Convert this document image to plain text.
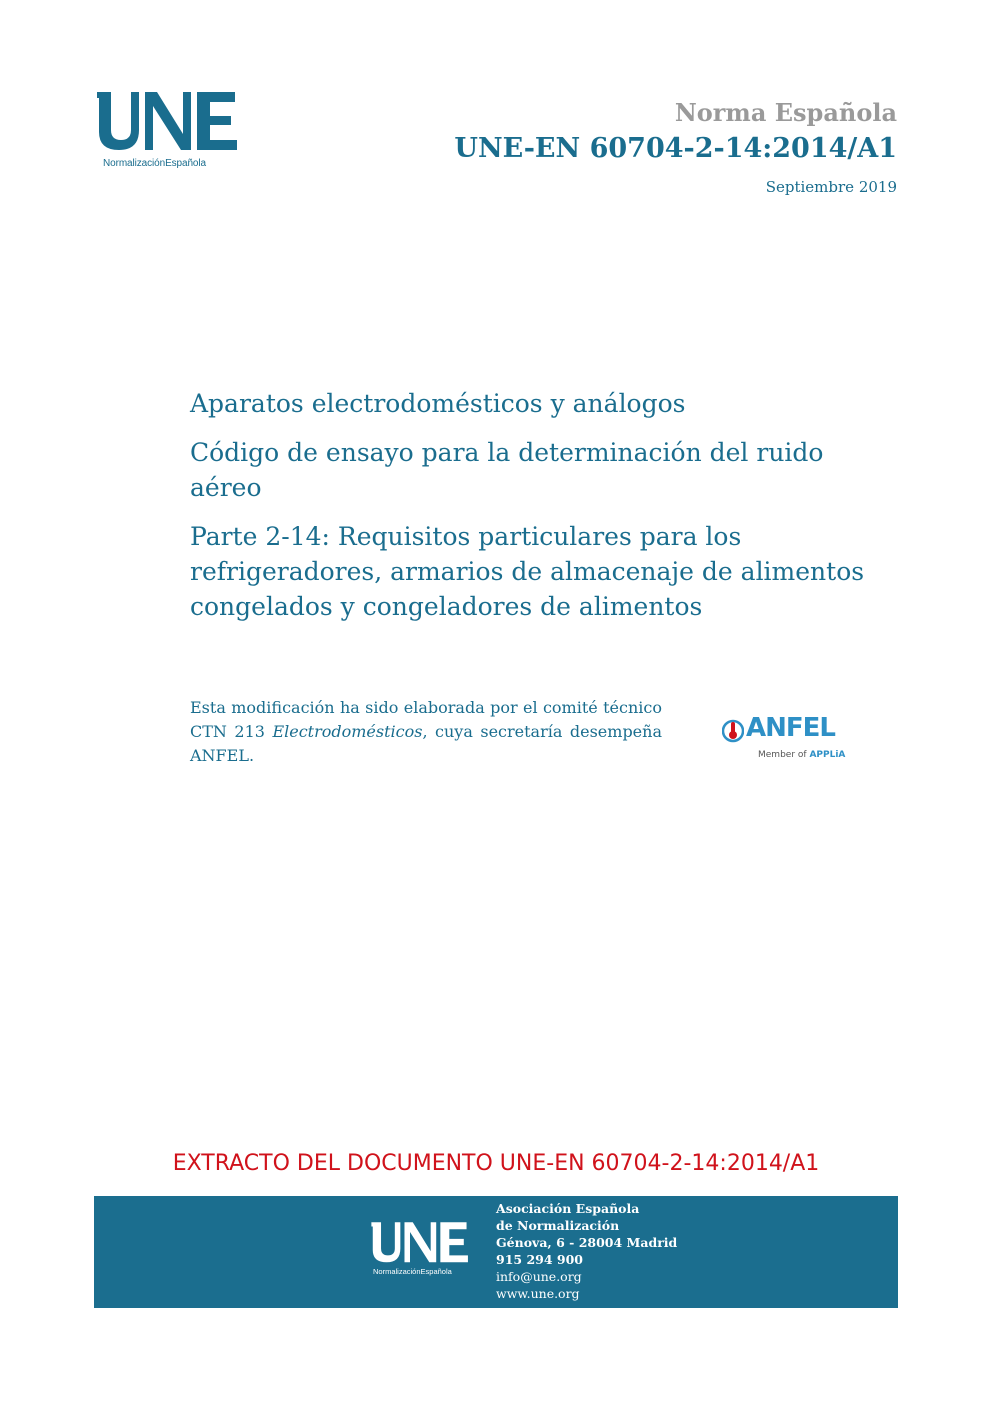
NormalizaciónEspañola
Norma Española
UNE-EN 60704-2-14:2014/A1
Septiembre 2019

Aparatos electrodomésticos y análogos

Código de ensayo para la determinación del ruido aéreo

Parte 2-14: Requisitos particulares para los refrigeradores, armarios de almacenaje de alimentos congelados y congeladores de alimentos

Esta modificación ha sido elaborada por el comité técnico CTN 213 Electrodomésticos, cuya secretaría desempeña ANFEL.
ANFEL
Member of APPLiA
EXTRACTO DEL DOCUMENTO UNE-EN 60704-2-14:2014/A1
NormalizaciónEspañola
Asociación Española
de Normalización
Génova, 6 - 28004 Madrid
915 294 900
info@une.org
www.une.org
